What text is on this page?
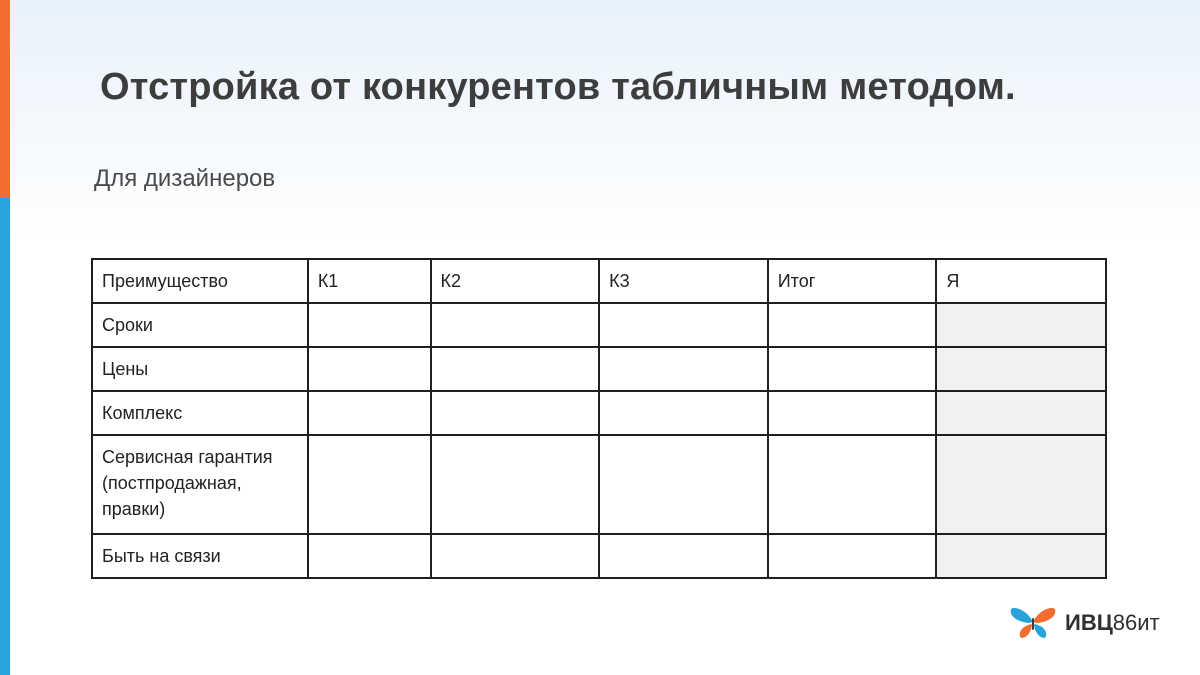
Отстройка от конкурентов табличным методом.
Для дизайнеров
Преимущество	К1	К2	К3	Итог	Я
Сроки					
Цены					
Комплекс					
Сервисная гарантия (постпродажная, правки)					
Быть на связи					
ИВЦ86ит
